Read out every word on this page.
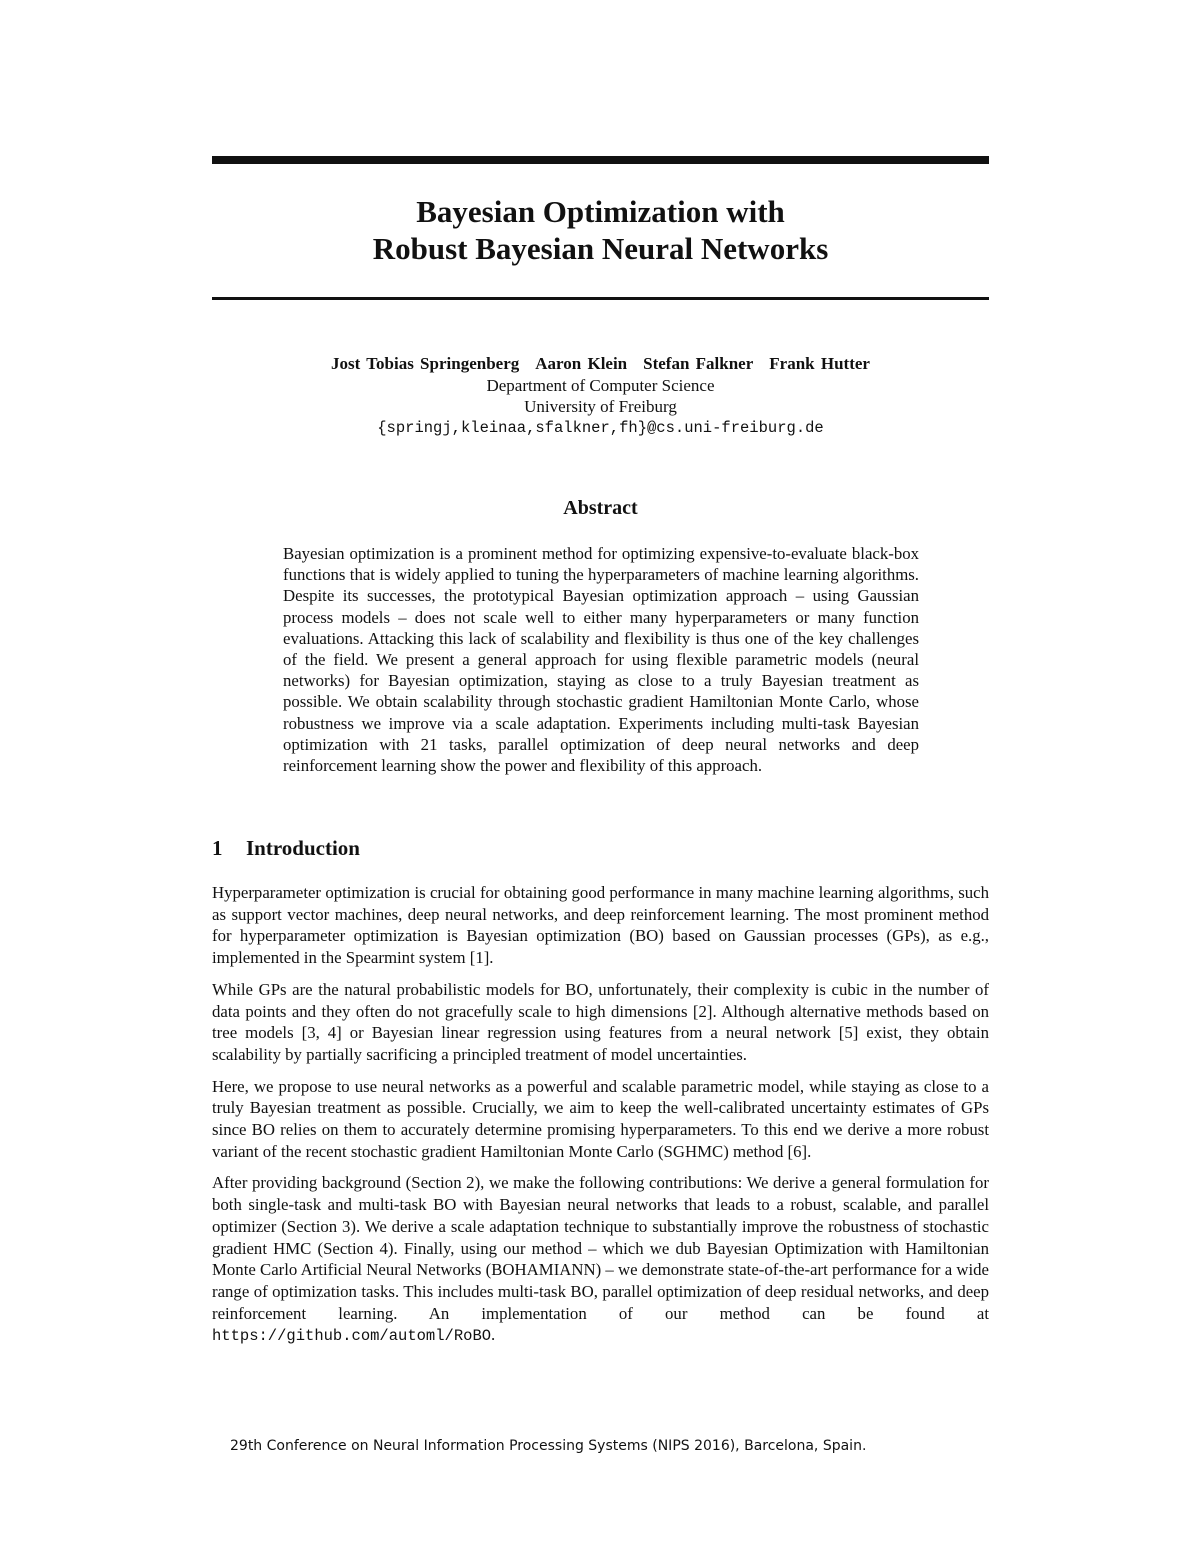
Bayesian Optimization with
Robust Bayesian Neural Networks
Jost Tobias Springenberg Aaron Klein Stefan Falkner Frank Hutter
Department of Computer Science
University of Freiburg
{springj,kleinaa,sfalkner,fh}@cs.uni-freiburg.de
Abstract
Bayesian optimization is a prominent method for optimizing expensive-to-evaluate black-box functions that is widely applied to tuning the hyperparameters of machine learning algorithms. Despite its successes, the prototypical Bayesian optimization approach – using Gaussian process models – does not scale well to either many hyperparameters or many function evaluations. Attacking this lack of scalability and flexibility is thus one of the key challenges of the field. We present a general approach for using flexible parametric models (neural networks) for Bayesian optimization, staying as close to a truly Bayesian treatment as possible. We obtain scalability through stochastic gradient Hamiltonian Monte Carlo, whose robustness we improve via a scale adaptation. Experiments including multi-task Bayesian optimization with 21 tasks, parallel optimization of deep neural networks and deep reinforcement learning show the power and flexibility of this approach.
1 Introduction

Hyperparameter optimization is crucial for obtaining good performance in many machine learning algorithms, such as support vector machines, deep neural networks, and deep reinforcement learning. The most prominent method for hyperparameter optimization is Bayesian optimization (BO) based on Gaussian processes (GPs), as e.g., implemented in the Spearmint system [1].

While GPs are the natural probabilistic models for BO, unfortunately, their complexity is cubic in the number of data points and they often do not gracefully scale to high dimensions [2]. Although alternative methods based on tree models [3, 4] or Bayesian linear regression using features from a neural network [5] exist, they obtain scalability by partially sacrificing a principled treatment of model uncertainties.

Here, we propose to use neural networks as a powerful and scalable parametric model, while staying as close to a truly Bayesian treatment as possible. Crucially, we aim to keep the well-calibrated uncertainty estimates of GPs since BO relies on them to accurately determine promising hyperparameters. To this end we derive a more robust variant of the recent stochastic gradient Hamiltonian Monte Carlo (SGHMC) method [6].

After providing background (Section 2), we make the following contributions: We derive a general formulation for both single-task and multi-task BO with Bayesian neural networks that leads to a robust, scalable, and parallel optimizer (Section 3). We derive a scale adaptation technique to substantially improve the robustness of stochastic gradient HMC (Section 4). Finally, using our method – which we dub Bayesian Optimization with Hamiltonian Monte Carlo Artificial Neural Networks (BOHAMIANN) – we demonstrate state-of-the-art performance for a wide range of optimization tasks. This includes multi-task BO, parallel optimization of deep residual networks, and deep reinforcement learning. An implementation of our method can be found at https://github.com/automl/RoBO.

29th Conference on Neural Information Processing Systems (NIPS 2016), Barcelona, Spain.
